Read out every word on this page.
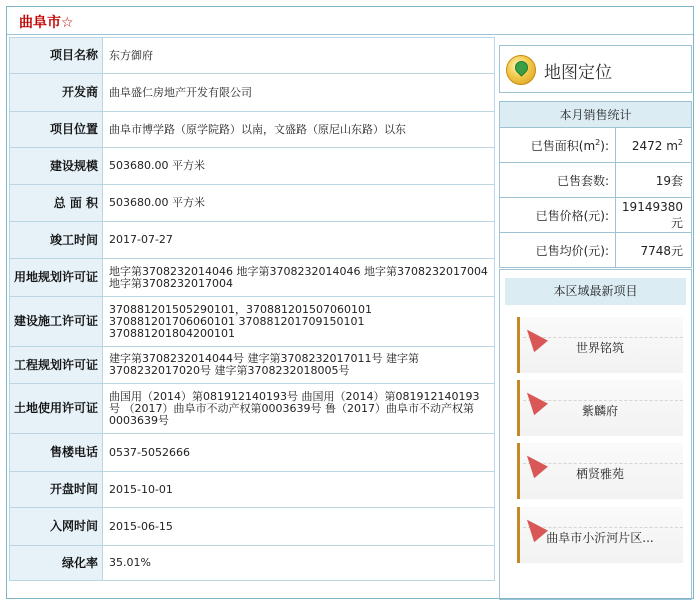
曲阜市☆
项目名称	东方御府
开发商	曲阜盛仁房地产开发有限公司
项目位置	曲阜市博学路（原学院路）以南，文盛路（原尼山东路）以东
建设规模	503680.00 平方米
总 面 积	503680.00 平方米
竣工时间	2017-07-27
用地规划许可证	地字第3708232014046 地字第3708232014046 地字第3708232017004 地字第3708232017004
建设施工许可证	370881201505290101，370881201507060101 370881201706060101 370881201709150101 370881201804200101
工程规划许可证	建字第3708232014044号 建字第3708232017011号 建字第3708232017020号 建字第3708232018005号
土地使用许可证	曲国用（2014）第081912140193号 曲国用（2014）第081912140193号 （2017）曲阜市不动产权第0003639号 鲁（2017）曲阜市不动产权第0003639号
售楼电话	0537-5052666
开盘时间	2015-10-01
入网时间	2015-06-15
绿化率	35.01%
地图定位
本月销售统计	
已售面积$(m^2)$:	2472 $m^2$
已售套数:	19套
已售价格(元):	19149380元
已售均价(元):	7748元
本区域最新项目
世界铭筑
紫麟府
栖贤雅苑
曲阜市小沂河片区...
